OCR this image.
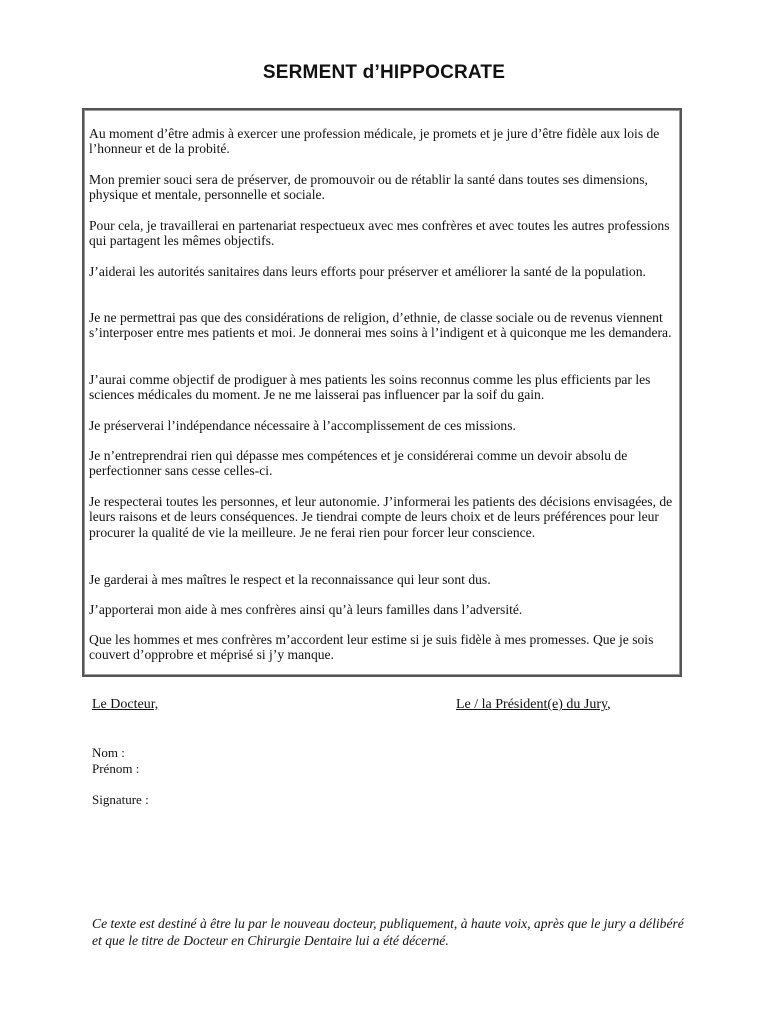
SERMENT d’HIPPOCRATE

Au moment d’être admis à exercer une profession médicale, je promets et je jure d’être fidèle aux lois de l’honneur et de la probité.

Mon premier souci sera de préserver, de promouvoir ou de rétablir la santé dans toutes ses dimensions, physique et mentale, personnelle et sociale.

Pour cela, je travaillerai en partenariat respectueux avec mes confrères et avec toutes les autres professions qui partagent les mêmes objectifs.

J’aiderai les autorités sanitaires dans leurs efforts pour préserver et améliorer la santé de la population.

Je ne permettrai pas que des considérations de religion, d’ethnie, de classe sociale ou de revenus viennent s’interposer entre mes patients et moi. Je donnerai mes soins à l’indigent et à quiconque me les demandera.

J’aurai comme objectif de prodiguer à mes patients les soins reconnus comme les plus efficients par les sciences médicales du moment. Je ne me laisserai pas influencer par la soif du gain.

Je préserverai l’indépendance nécessaire à l’accomplissement de ces missions.

Je n’entreprendrai rien qui dépasse mes compétences et je considérerai comme un devoir absolu de perfectionner sans cesse celles-ci.

Je respecterai toutes les personnes, et leur autonomie. J’informerai les patients des décisions envisagées, de leurs raisons et de leurs conséquences. Je tiendrai compte de leurs choix et de leurs préférences pour leur procurer la qualité de vie la meilleure. Je ne ferai rien pour forcer leur conscience.

Je garderai à mes maîtres le respect et la reconnaissance qui leur sont dus.

J’apporterai mon aide à mes confrères ainsi qu’à leurs familles dans l’adversité.

Que les hommes et mes confrères m’accordent leur estime si je suis fidèle à mes promesses. Que je sois couvert d’opprobre et méprisé si j’y manque.

Le Docteur,	Le / la Président(e) du Jury,
Nom :
Prénom :
Signature :
Ce texte est destiné à être lu par le nouveau docteur, publiquement, à haute voix, après que le jury a délibéré et que le titre de Docteur en Chirurgie Dentaire lui a été décerné.
